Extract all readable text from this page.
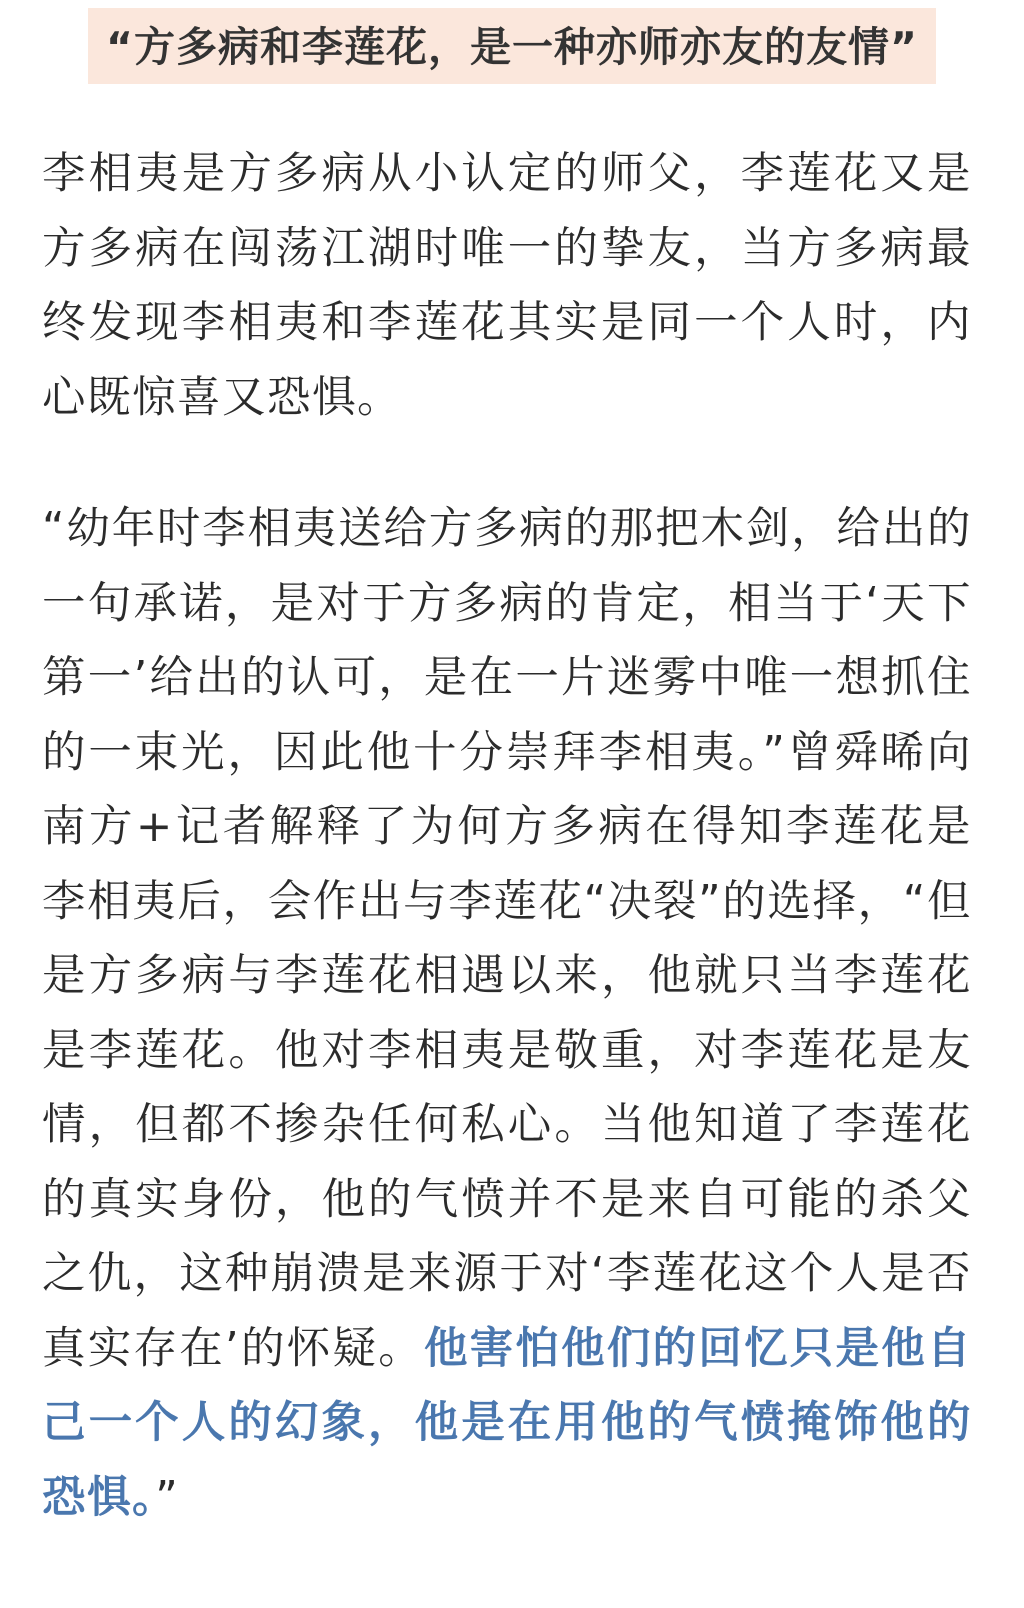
“方多病和李莲花，是一种亦师亦友的友情”

李相夷是方多病从小认定的师父，李莲花又是方多病在闯荡江湖时唯一的挚友，当方多病最终发现李相夷和李莲花其实是同一个人时，内心既惊喜又恐惧。

“幼年时李相夷送给方多病的那把木剑，给出的一句承诺，是对于方多病的肯定，相当于‘天下第一’给出的认可，是在一片迷雾中唯一想抓住的一束光，因此他十分崇拜李相夷。”曾舜晞向南方+记者解释了为何方多病在得知李莲花是李相夷后，会作出与李莲花“决裂”的选择，“但是方多病与李莲花相遇以来，他就只当李莲花是李莲花。他对李相夷是敬重，对李莲花是友情，但都不掺杂任何私心。当他知道了李莲花的真实身份，他的气愤并不是来自可能的杀父之仇，这种崩溃是来源于对‘李莲花这个人是否真实存在’的怀疑。他害怕他们的回忆只是他自己一个人的幻象，他是在用他的气愤掩饰他的恐惧。”
